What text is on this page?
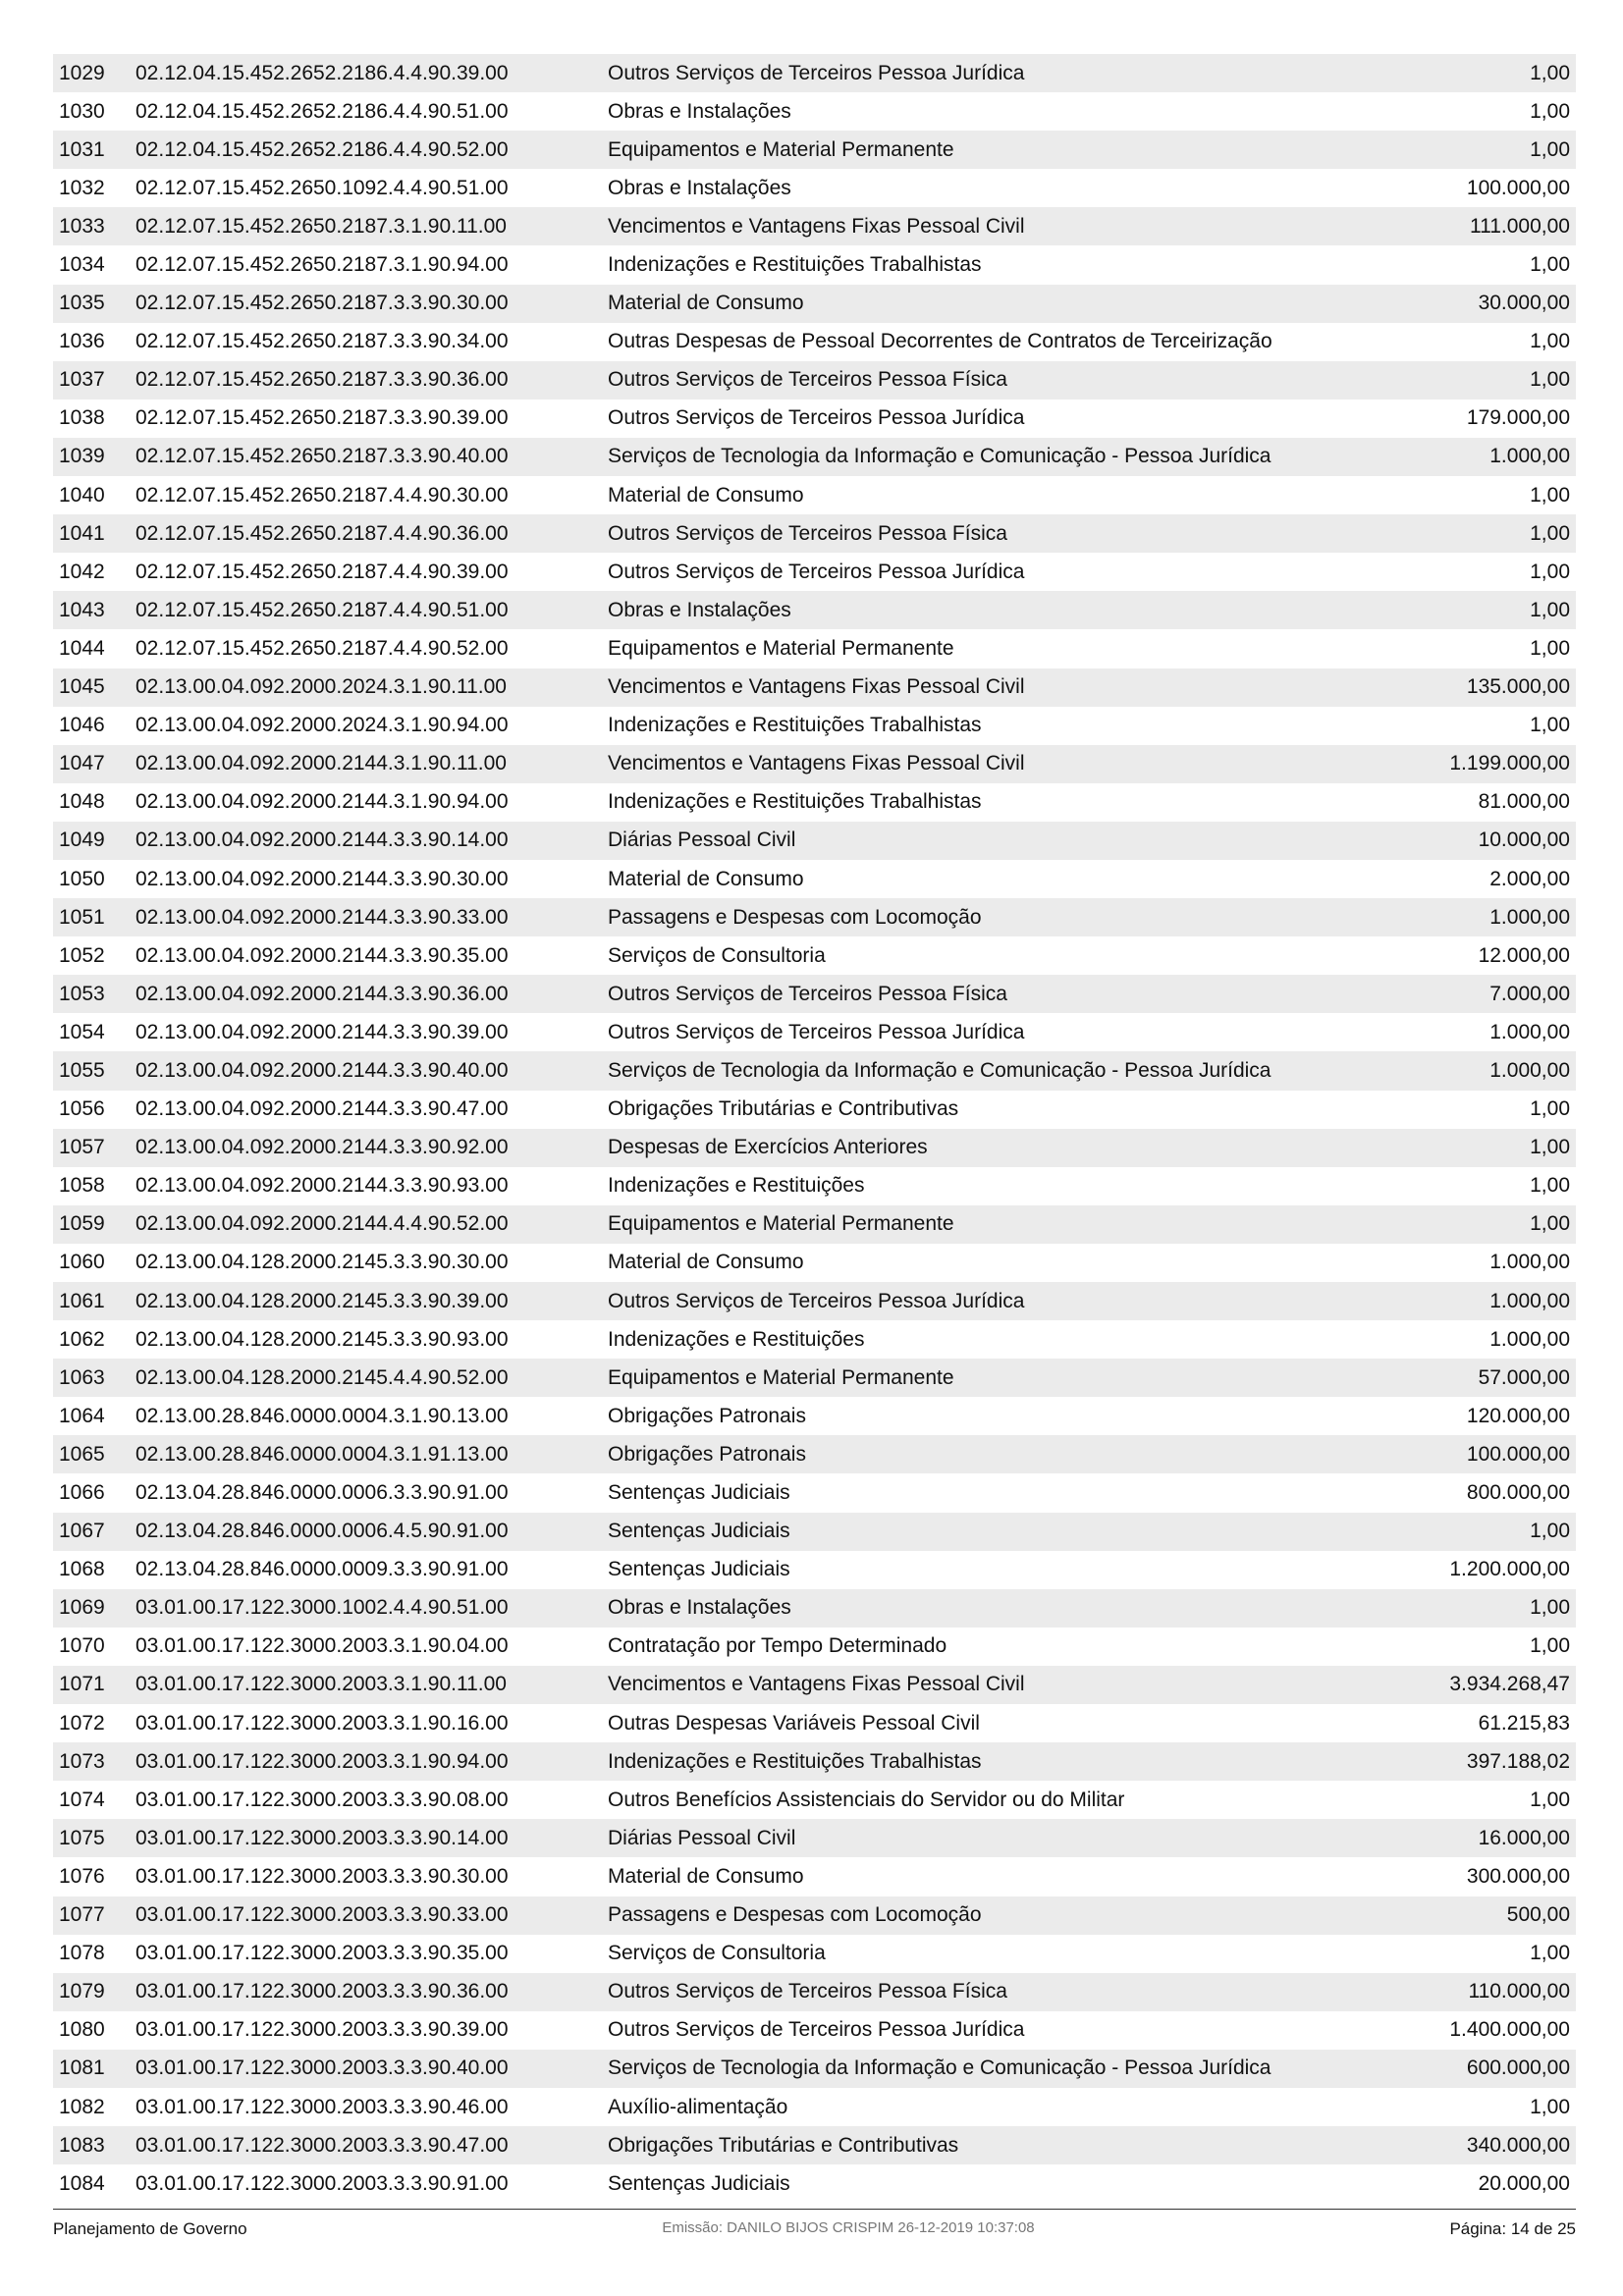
1029	02.12.04.15.452.2652.2186.4.4.90.39.00	Outros Serviços de Terceiros Pessoa Jurídica	1,00
1030	02.12.04.15.452.2652.2186.4.4.90.51.00	Obras e Instalações	1,00
1031	02.12.04.15.452.2652.2186.4.4.90.52.00	Equipamentos e Material Permanente	1,00
1032	02.12.07.15.452.2650.1092.4.4.90.51.00	Obras e Instalações	100.000,00
1033	02.12.07.15.452.2650.2187.3.1.90.11.00	Vencimentos e Vantagens Fixas Pessoal Civil	111.000,00
1034	02.12.07.15.452.2650.2187.3.1.90.94.00	Indenizações e Restituições Trabalhistas	1,00
1035	02.12.07.15.452.2650.2187.3.3.90.30.00	Material de Consumo	30.000,00
1036	02.12.07.15.452.2650.2187.3.3.90.34.00	Outras Despesas de Pessoal Decorrentes de Contratos de Terceirização	1,00
1037	02.12.07.15.452.2650.2187.3.3.90.36.00	Outros Serviços de Terceiros Pessoa Física	1,00
1038	02.12.07.15.452.2650.2187.3.3.90.39.00	Outros Serviços de Terceiros Pessoa Jurídica	179.000,00
1039	02.12.07.15.452.2650.2187.3.3.90.40.00	Serviços de Tecnologia da Informação e Comunicação - Pessoa Jurídica	1.000,00
1040	02.12.07.15.452.2650.2187.4.4.90.30.00	Material de Consumo	1,00
1041	02.12.07.15.452.2650.2187.4.4.90.36.00	Outros Serviços de Terceiros Pessoa Física	1,00
1042	02.12.07.15.452.2650.2187.4.4.90.39.00	Outros Serviços de Terceiros Pessoa Jurídica	1,00
1043	02.12.07.15.452.2650.2187.4.4.90.51.00	Obras e Instalações	1,00
1044	02.12.07.15.452.2650.2187.4.4.90.52.00	Equipamentos e Material Permanente	1,00
1045	02.13.00.04.092.2000.2024.3.1.90.11.00	Vencimentos e Vantagens Fixas Pessoal Civil	135.000,00
1046	02.13.00.04.092.2000.2024.3.1.90.94.00	Indenizações e Restituições Trabalhistas	1,00
1047	02.13.00.04.092.2000.2144.3.1.90.11.00	Vencimentos e Vantagens Fixas Pessoal Civil	1.199.000,00
1048	02.13.00.04.092.2000.2144.3.1.90.94.00	Indenizações e Restituições Trabalhistas	81.000,00
1049	02.13.00.04.092.2000.2144.3.3.90.14.00	Diárias Pessoal Civil	10.000,00
1050	02.13.00.04.092.2000.2144.3.3.90.30.00	Material de Consumo	2.000,00
1051	02.13.00.04.092.2000.2144.3.3.90.33.00	Passagens e Despesas com Locomoção	1.000,00
1052	02.13.00.04.092.2000.2144.3.3.90.35.00	Serviços de Consultoria	12.000,00
1053	02.13.00.04.092.2000.2144.3.3.90.36.00	Outros Serviços de Terceiros Pessoa Física	7.000,00
1054	02.13.00.04.092.2000.2144.3.3.90.39.00	Outros Serviços de Terceiros Pessoa Jurídica	1.000,00
1055	02.13.00.04.092.2000.2144.3.3.90.40.00	Serviços de Tecnologia da Informação e Comunicação - Pessoa Jurídica	1.000,00
1056	02.13.00.04.092.2000.2144.3.3.90.47.00	Obrigações Tributárias e Contributivas	1,00
1057	02.13.00.04.092.2000.2144.3.3.90.92.00	Despesas de Exercícios Anteriores	1,00
1058	02.13.00.04.092.2000.2144.3.3.90.93.00	Indenizações e Restituições	1,00
1059	02.13.00.04.092.2000.2144.4.4.90.52.00	Equipamentos e Material Permanente	1,00
1060	02.13.00.04.128.2000.2145.3.3.90.30.00	Material de Consumo	1.000,00
1061	02.13.00.04.128.2000.2145.3.3.90.39.00	Outros Serviços de Terceiros Pessoa Jurídica	1.000,00
1062	02.13.00.04.128.2000.2145.3.3.90.93.00	Indenizações e Restituições	1.000,00
1063	02.13.00.04.128.2000.2145.4.4.90.52.00	Equipamentos e Material Permanente	57.000,00
1064	02.13.00.28.846.0000.0004.3.1.90.13.00	Obrigações Patronais	120.000,00
1065	02.13.00.28.846.0000.0004.3.1.91.13.00	Obrigações Patronais	100.000,00
1066	02.13.04.28.846.0000.0006.3.3.90.91.00	Sentenças Judiciais	800.000,00
1067	02.13.04.28.846.0000.0006.4.5.90.91.00	Sentenças Judiciais	1,00
1068	02.13.04.28.846.0000.0009.3.3.90.91.00	Sentenças Judiciais	1.200.000,00
1069	03.01.00.17.122.3000.1002.4.4.90.51.00	Obras e Instalações	1,00
1070	03.01.00.17.122.3000.2003.3.1.90.04.00	Contratação por Tempo Determinado	1,00
1071	03.01.00.17.122.3000.2003.3.1.90.11.00	Vencimentos e Vantagens Fixas Pessoal Civil	3.934.268,47
1072	03.01.00.17.122.3000.2003.3.1.90.16.00	Outras Despesas Variáveis Pessoal Civil	61.215,83
1073	03.01.00.17.122.3000.2003.3.1.90.94.00	Indenizações e Restituições Trabalhistas	397.188,02
1074	03.01.00.17.122.3000.2003.3.3.90.08.00	Outros Benefícios Assistenciais do Servidor ou do Militar	1,00
1075	03.01.00.17.122.3000.2003.3.3.90.14.00	Diárias Pessoal Civil	16.000,00
1076	03.01.00.17.122.3000.2003.3.3.90.30.00	Material de Consumo	300.000,00
1077	03.01.00.17.122.3000.2003.3.3.90.33.00	Passagens e Despesas com Locomoção	500,00
1078	03.01.00.17.122.3000.2003.3.3.90.35.00	Serviços de Consultoria	1,00
1079	03.01.00.17.122.3000.2003.3.3.90.36.00	Outros Serviços de Terceiros Pessoa Física	110.000,00
1080	03.01.00.17.122.3000.2003.3.3.90.39.00	Outros Serviços de Terceiros Pessoa Jurídica	1.400.000,00
1081	03.01.00.17.122.3000.2003.3.3.90.40.00	Serviços de Tecnologia da Informação e Comunicação - Pessoa Jurídica	600.000,00
1082	03.01.00.17.122.3000.2003.3.3.90.46.00	Auxílio-alimentação	1,00
1083	03.01.00.17.122.3000.2003.3.3.90.47.00	Obrigações Tributárias e Contributivas	340.000,00
1084	03.01.00.17.122.3000.2003.3.3.90.91.00	Sentenças Judiciais	20.000,00
Planejamento de Governo	Emissão: DANILO BIJOS CRISPIM 26-12-2019 10:37:08	Página: 14 de 25
